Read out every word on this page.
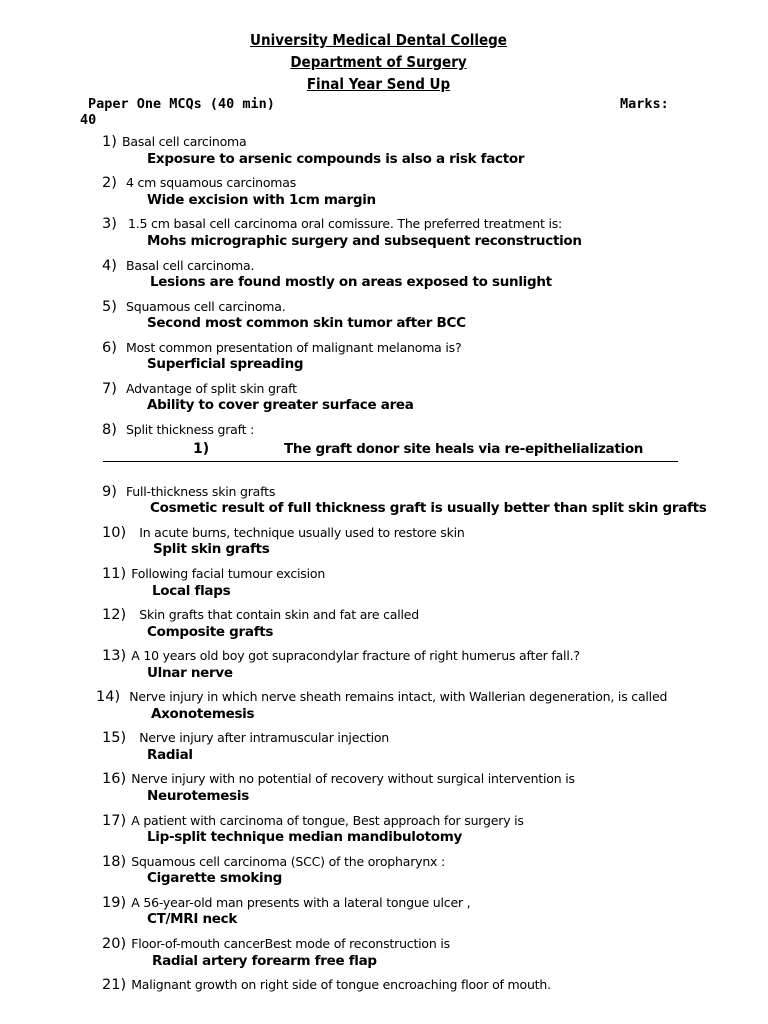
University Medical Dental College
Department of Surgery
Final Year Send Up
Paper One MCQs (40 min)	Marks:
40
1) Basal cell carcinoma
Exposure to arsenic compounds is also a risk factor
2) 4 cm squamous carcinomas
Wide excision with 1cm margin
3) 1.5 cm basal cell carcinoma oral comissure. The preferred treatment is:
Mohs micrographic surgery and subsequent reconstruction
4) Basal cell carcinoma.
Lesions are found mostly on areas exposed to sunlight
5) Squamous cell carcinoma.
Second most common skin tumor after BCC
6) Most common presentation of malignant melanoma is?
Superficial spreading
7) Advantage of split skin graft
Ability to cover greater surface area
8) Split thickness graft :
1)	The graft donor site heals via re-epithelialization
9) Full-thickness skin grafts
Cosmetic result of full thickness graft is usually better than split skin grafts
10) In acute burns, technique usually used to restore skin
Split skin grafts
11) Following facial tumour excision
Local flaps
12) Skin grafts that contain skin and fat are called
Composite grafts
13) A 10 years old boy got supracondylar fracture of right humerus after fall.?
Ulnar nerve
14) Nerve injury in which nerve sheath remains intact, with Wallerian degeneration, is called
Axonotemesis
15) Nerve injury after intramuscular injection
Radial
16) Nerve injury with no potential of recovery without surgical intervention is
Neurotemesis
17) A patient with carcinoma of tongue, Best approach for surgery is
Lip-split technique median mandibulotomy
18) Squamous cell carcinoma (SCC) of the oropharynx :
Cigarette smoking
19) A 56-year-old man presents with a lateral tongue ulcer ,
CT/MRI neck
20) Floor-of-mouth cancerBest mode of reconstruction is
Radial artery forearm free flap
21) Malignant growth on right side of tongue encroaching floor of mouth.
